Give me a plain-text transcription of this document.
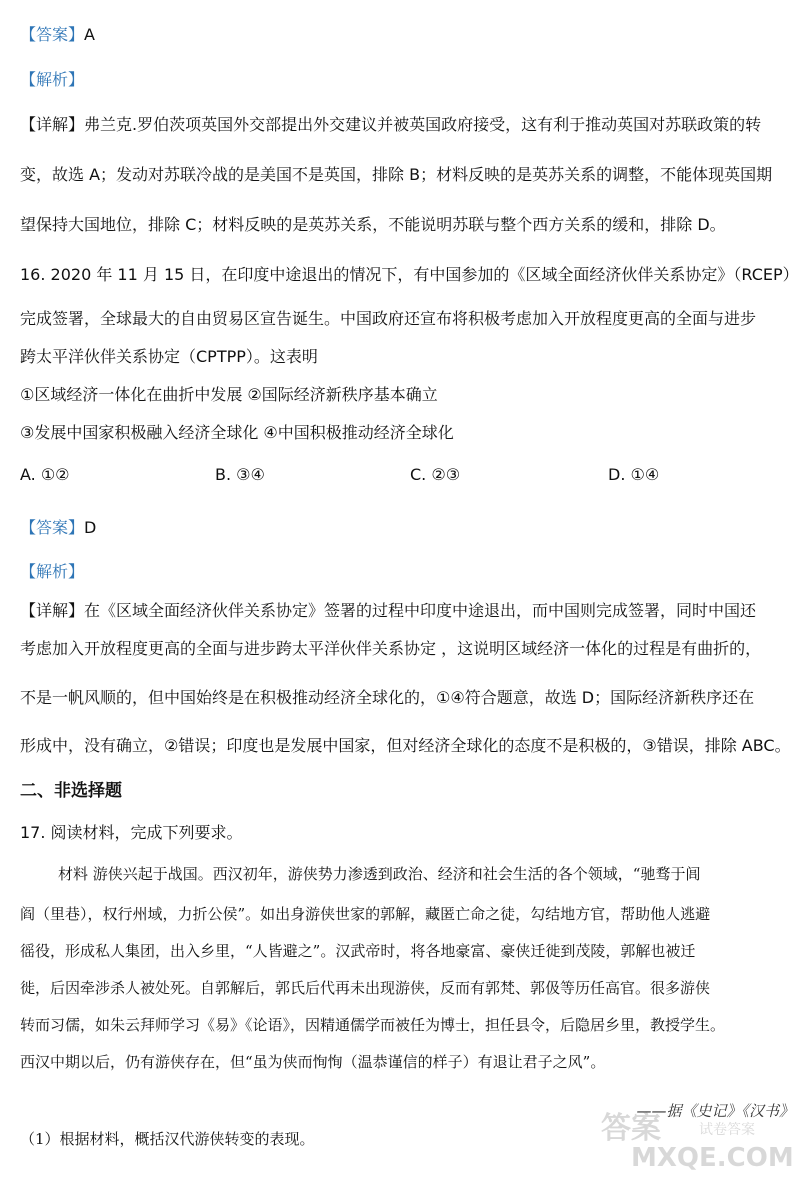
【答案】A
【解析】
【详解】弗兰克.罗伯茨项英国外交部提出外交建议并被英国政府接受，这有利于推动英国对苏联政策的转
变，故选 A；发动对苏联冷战的是美国不是英国，排除 B；材料反映的是英苏关系的调整，不能体现英国期
望保持大国地位，排除 C；材料反映的是英苏关系，不能说明苏联与整个西方关系的缓和，排除 D。
16. 2020 年 11 月 15 日，在印度中途退出的情况下，有中国参加的《区域全面经济伙伴关系协定》（RCEP）
完成签署，全球最大的自由贸易区宣告诞生。中国政府还宣布将积极考虑加入开放程度更高的全面与进步
跨太平洋伙伴关系协定（CPTPP）。这表明
①区域经济一体化在曲折中发展 ②国际经济新秩序基本确立
③发展中国家积极融入经济全球化 ④中国积极推动经济全球化
A. ①②	B. ③④	C. ②③	D. ①④
【答案】D
【解析】
【详解】在《区域全面经济伙伴关系协定》签署的过程中印度中途退出，而中国则完成签署，同时中国还
考虑加入开放程度更高的全面与进步跨太平洋伙伴关系协定 ，这说明区域经济一体化的过程是有曲折的，
不是一帆风顺的，但中国始终是在积极推动经济全球化的，①④符合题意，故选 D；国际经济新秩序还在
形成中，没有确立，②错误；印度也是发展中国家，但对经济全球化的态度不是积极的，③错误，排除 ABC。
二、非选择题
17. 阅读材料，完成下列要求。
材料 游侠兴起于战国。西汉初年，游侠势力渗透到政治、经济和社会生活的各个领域，“驰骛于闾
阎（里巷），权行州域，力折公侯”。如出身游侠世家的郭解，藏匿亡命之徒，勾结地方官，帮助他人逃避
徭役，形成私人集团，出入乡里，“人皆避之”。汉武帝时，将各地豪富、豪侠迁徙到茂陵，郭解也被迁
徙，后因牵涉杀人被处死。自郭解后，郭氏后代再未出现游侠，反而有郭梵、郭伋等历任高官。很多游侠
转而习儒，如朱云拜师学习《易》《论语》，因精通儒学而被任为博士，担任县令，后隐居乡里，教授学生。
西汉中期以后，仍有游侠存在，但“虽为侠而恂恂（温恭谨信的样子）有退让君子之风”。
——据《史记》《汉书》
（1）根据材料，概括汉代游侠转变的表现。	答案	试卷答案
MXQE.COM
